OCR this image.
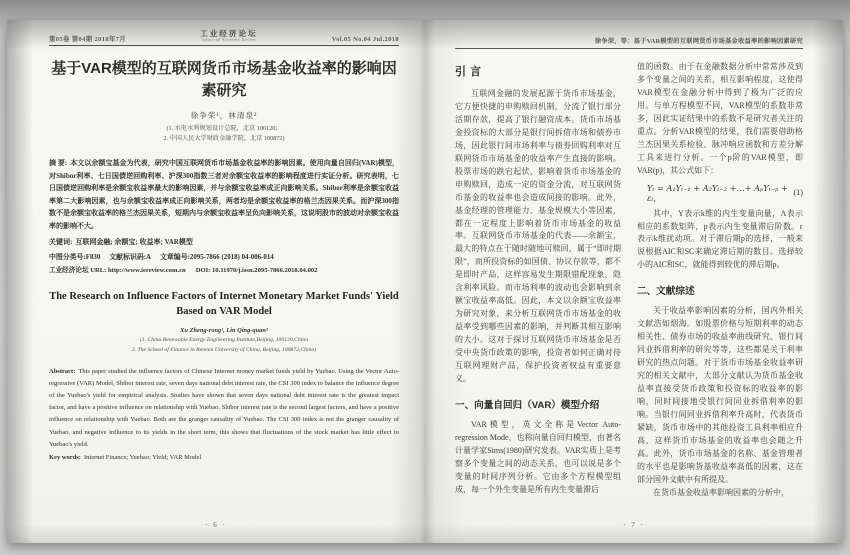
第05卷 第04期 2018年7月
工业经济论坛
Industrial Economy Review	Vol.05 No.04 Jul.2018
基于VAR模型的互联网货币市场基金收益率的影响因素研究
徐争荣¹，林清泉²
(1. 水电水利规划设计总院，北京 100120；
2. 中国人民大学财政金融学院，北京 100872)

摘 要: 本文以余额宝基金为代表，研究中国互联网货币市场基金收益率的影响因素。使用向量自回归(VAR)模型，对Shibor利率、七日国债逆回购利率、沪深300指数三者对余额宝收益率的影响程度进行实证分析。研究表明，七日国债逆回购利率是余额宝收益率最大的影响因素，并与余额宝收益率成正向影响关系。Shibor利率是余额宝收益率第二大影响因素，也与余额宝收益率成正向影响关系，两者均是余额宝收益率的格兰杰因果关系。而沪深300指数不是余额宝收益率的格兰杰因果关系，短期内与余额宝收益率呈负向影响关系，这说明股市的波动对余额宝收益率的影响不大。

关键词: 互联网金融; 余额宝; 收益率; VAR模型

中图分类号:F830 文献标识码:A 文章编号:2095-7866 (2018) 04-006-014

工业经济论坛 URL: http://www.iereview.com.cn DOI: 10.11970/j.issn.2095-7866.2018.04.002

The Research on Influence Factors of Internet Monetary Market Funds' Yield Based on VAR Model
Xu Zheng-rong¹, Lin Qing-quan²
(1. China Renewable Energy Engineering Institute,Beijing, 100120,China
2. The School of Finance in Renmin University of China, Beijing, 100872,China)

Abstract: This paper studied the influence factors of Chinese Internet money market funds yield by Yuebao. Using the Vector Auto-regressive (VAR) Model, Shibor interest rate, seven days national debt interest rate, the CSI 300 index to balance the influence degree of the Yuebao's yield for empirical analysis. Studies have shown that seven days national debt interest rate is the greatest impact factor, and have a positive influence on relationship with Yuebao. Shibor interest rate is the second largest factors, and have a positive influence on relationship with Yuebao. Both are the granger causality of Yuebao. The CSI 300 index is not the granger causality of Yuebao, and negative influence to its yields in the short term, this shows that fluctuations of the stock market has little effect to Yuebao's yield.

Key words: Internet Finance; Yuebao; Yield; VAR Model

· 6 ·
徐争荣，等：基于VAR模型的互联网货币市场基金收益率的影响因素研究
引言

互联网金融的发展起源于货币市场基金，它方便快捷的申购赎回机制，分流了银行部分活期存款，提高了银行融资成本。货币市场基金投资标的大部分是银行间拆借市场和债券市场，因此银行间市场利率与债券回购利率对互联网货币市场基金的收益率产生直接的影响。股票市场的跌宕起伏，影响着货币市场基金的申购赎回，造成一定的资金分流，对互联网货币基金的收益率也会造成间接的影响。此外，基金经理的管理能力、基金规模大小等因素，都在一定程度上影响着货币市场基金的收益率。互联网货币市场基金的代表——余额宝，最大的特点在于随时随地可赎回，属于“即时期限”，而所投资标的如国债、协议存款等，都不是即时产品，这样容易发生期限错配现象，隐含利率风险。而市场利率的波动也会影响到余额宝收益率高低。因此，本文以余额宝收益率为研究对象，来分析互联网货币市场基金的收益率受到哪些因素的影响，并判断其相互影响的大小。这对于探讨互联网货币市场基金是否受中央货币政策的影响，投资者如何正确对待互联网理财产品，保护投资者权益有重要意义。

一、向量自回归（VAR）模型介绍

VAR模型，英文全称是Vector Auto-regression Mode，也称向量自回归模型，由著名计量学家Sims(1980)研究发表。VAR实质上是考察多个变量之间的动态关系，也可以说是多个变量的时间序列分析。它由多个方程模型组成，每一个外生变量是所有内生变量滞后

值的函数。由于在金融数据分析中常常涉及到多个变量之间的关系，相互影响程度，这使得VAR模型在金融分析中得到了极为广泛的应用。与单方程模型不同，VAR模型的系数非常多，因此实证结果中的系数不是研究者关注的重点。分析VAR模型的结果，我们需要借助格兰杰因果关系检验、脉冲响应函数和方差分解工具来进行分析。一个p阶的VAR模型，即VAR(p)，其公式如下：

Yₜ = A₁Yₜ₋₁ + A₂Yₜ₋₂ +…+ AₚYₜ₋ₚ + εₜ,	(1)

其中，Y表示k维的内生变量向量，A表示相应的系数矩阵，p表示内生变量滞后阶数。ε表示k维扰动项。对于滞后期p的选择，一般来说根据AIC和SC来确定滞后期的数目。选择较小的AIC和SC，就能得到较优的滞后期p。

二、文献综述

关于收益率影响因素的分析，国内外相关文献浩如烟海。如股票价格与短期利率的动态相关性、债券市场的收益率曲线研究、银行间同业拆借利率的研究等等，这些都是关于利率研究的热点问题。对于货币市场基金收益率研究的相关文献中，大部分文献认为货币基金收益率直接受货币政策和投资标的收益率的影响，同时间接地受银行间同业拆借利率的影响。当银行间同业拆借利率升高时，代表货币紧缺，货币市场中的其他投资工具利率相应升高，这样货币市场基金的收益率也会随之升高。此外，货币市场基金的名称、基金管理者的水平也是影响货基收益率高低的因素，这在部分国外文献中有所提及。

在货币基金收益率影响因素的分析中，

· 7 ·
